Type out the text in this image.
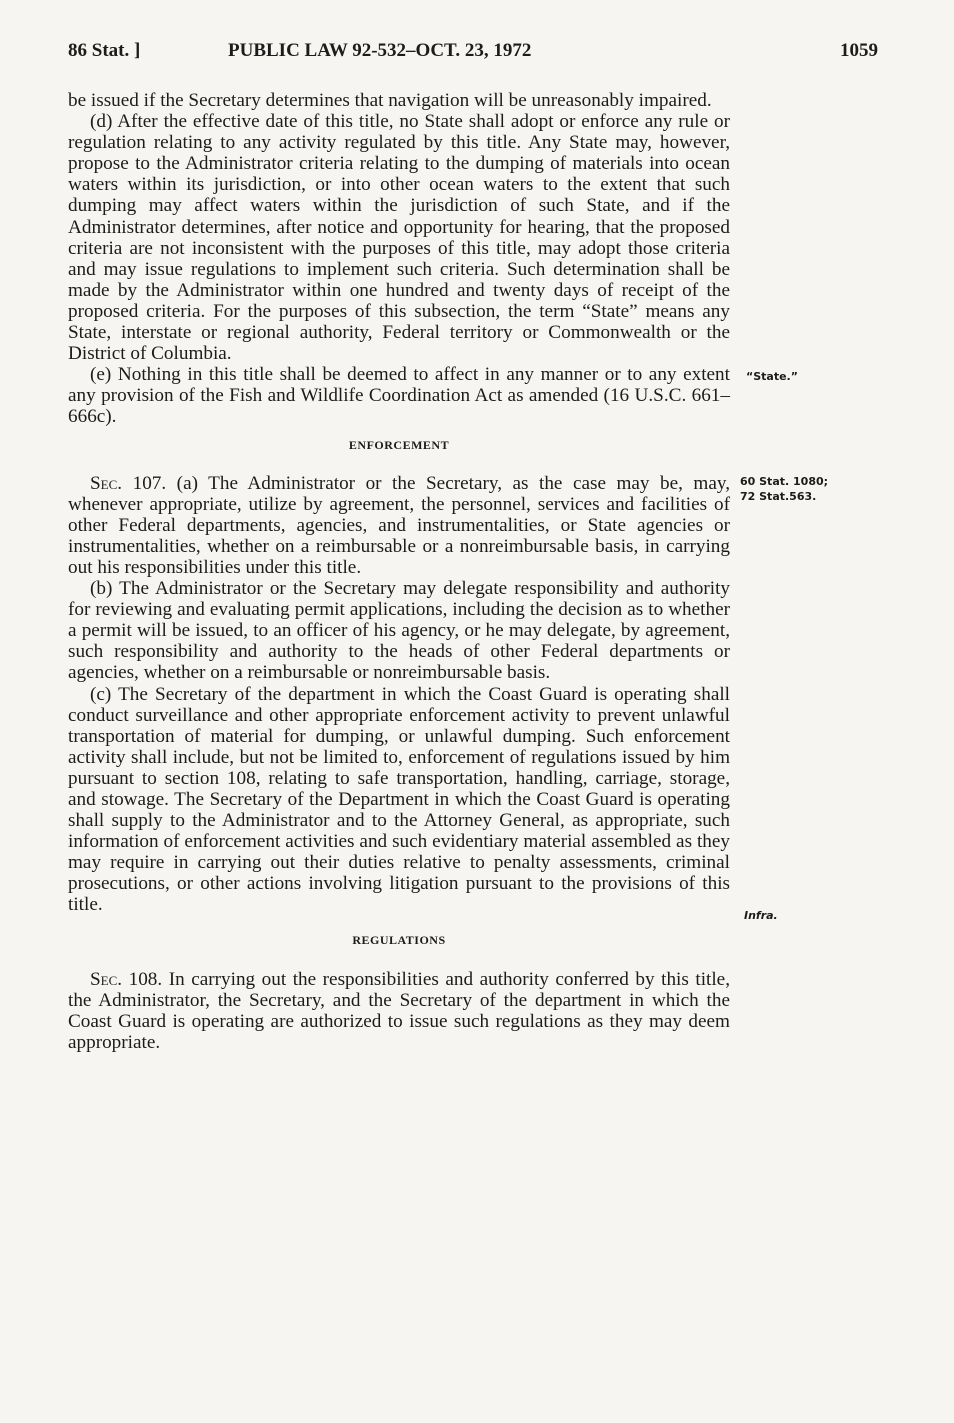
86 Stat. ]	PUBLIC LAW 92-532–OCT. 23, 1972	1059

be issued if the Secretary determines that navigation will be unreasonably impaired.

(d) After the effective date of this title, no State shall adopt or enforce any rule or regulation relating to any activity regulated by this title. Any State may, however, propose to the Administrator criteria relating to the dumping of materials into ocean waters within its jurisdiction, or into other ocean waters to the extent that such dumping may affect waters within the jurisdiction of such State, and if the Administrator determines, after notice and opportunity for hearing, that the proposed criteria are not inconsistent with the purposes of this title, may adopt those criteria and may issue regulations to implement such criteria. Such determination shall be made by the Administrator within one hundred and twenty days of receipt of the proposed criteria. For the purposes of this subsection, the term “State” means any State, interstate or regional authority, Federal territory or Commonwealth or the District of Columbia.

(e) Nothing in this title shall be deemed to affect in any manner or to any extent any provision of the Fish and Wildlife Coordination Act as amended (16 U.S.C. 661–666c).

ENFORCEMENT

Sec. 107. (a) The Administrator or the Secretary, as the case may be, may, whenever appropriate, utilize by agreement, the personnel, services and facilities of other Federal departments, agencies, and instrumentalities, or State agencies or instrumentalities, whether on a reimbursable or a nonreimbursable basis, in carrying out his responsibilities under this title.

(b) The Administrator or the Secretary may delegate responsibility and authority for reviewing and evaluating permit applications, including the decision as to whether a permit will be issued, to an officer of his agency, or he may delegate, by agreement, such responsibility and authority to the heads of other Federal departments or agencies, whether on a reimbursable or nonreimbursable basis.

(c) The Secretary of the department in which the Coast Guard is operating shall conduct surveillance and other appropriate enforcement activity to prevent unlawful transportation of material for dumping, or unlawful dumping. Such enforcement activity shall include, but not be limited to, enforcement of regulations issued by him pursuant to section 108, relating to safe transportation, handling, carriage, storage, and stowage. The Secretary of the Department in which the Coast Guard is operating shall supply to the Administrator and to the Attorney General, as appropriate, such information of enforcement activities and such evidentiary material assembled as they may require in carrying out their duties relative to penalty assessments, criminal prosecutions, or other actions involving litigation pursuant to the provisions of this title.

REGULATIONS

Sec. 108. In carrying out the responsibilities and authority conferred by this title, the Administrator, the Secretary, and the Secretary of the department in which the Coast Guard is operating are authorized to issue such regulations as they may deem appropriate.

“State.”
60 Stat. 1080;
72 Stat.563.
Infra.
